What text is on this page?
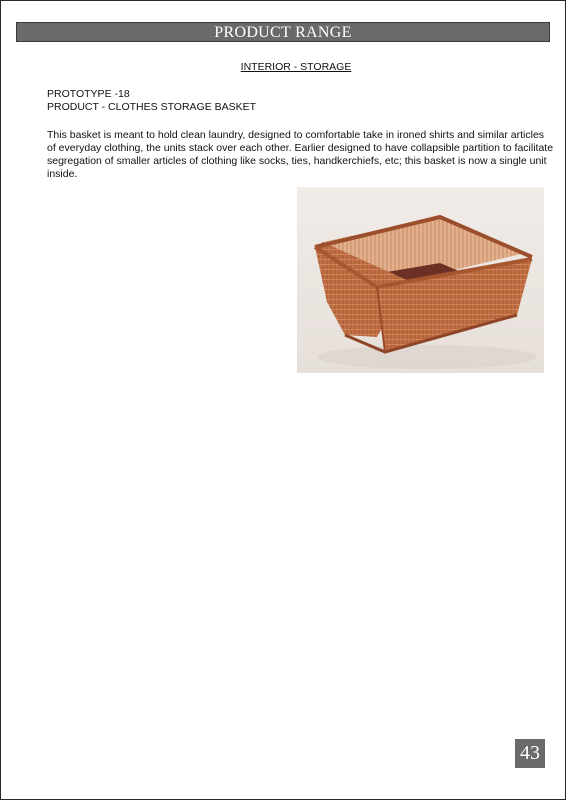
PRODUCT RANGE
INTERIOR - STORAGE
PROTOTYPE -18
PRODUCT - CLOTHES STORAGE BASKET
This basket is meant to hold clean laundry, designed to comfortable take in ironed shirts and similar articles of everyday clothing, the units stack over each other. Earlier designed to have collapsible partition to facilitate segregation of smaller articles of clothing like socks, ties, handkerchiefs, etc; this basket is now a single unit inside.
43
